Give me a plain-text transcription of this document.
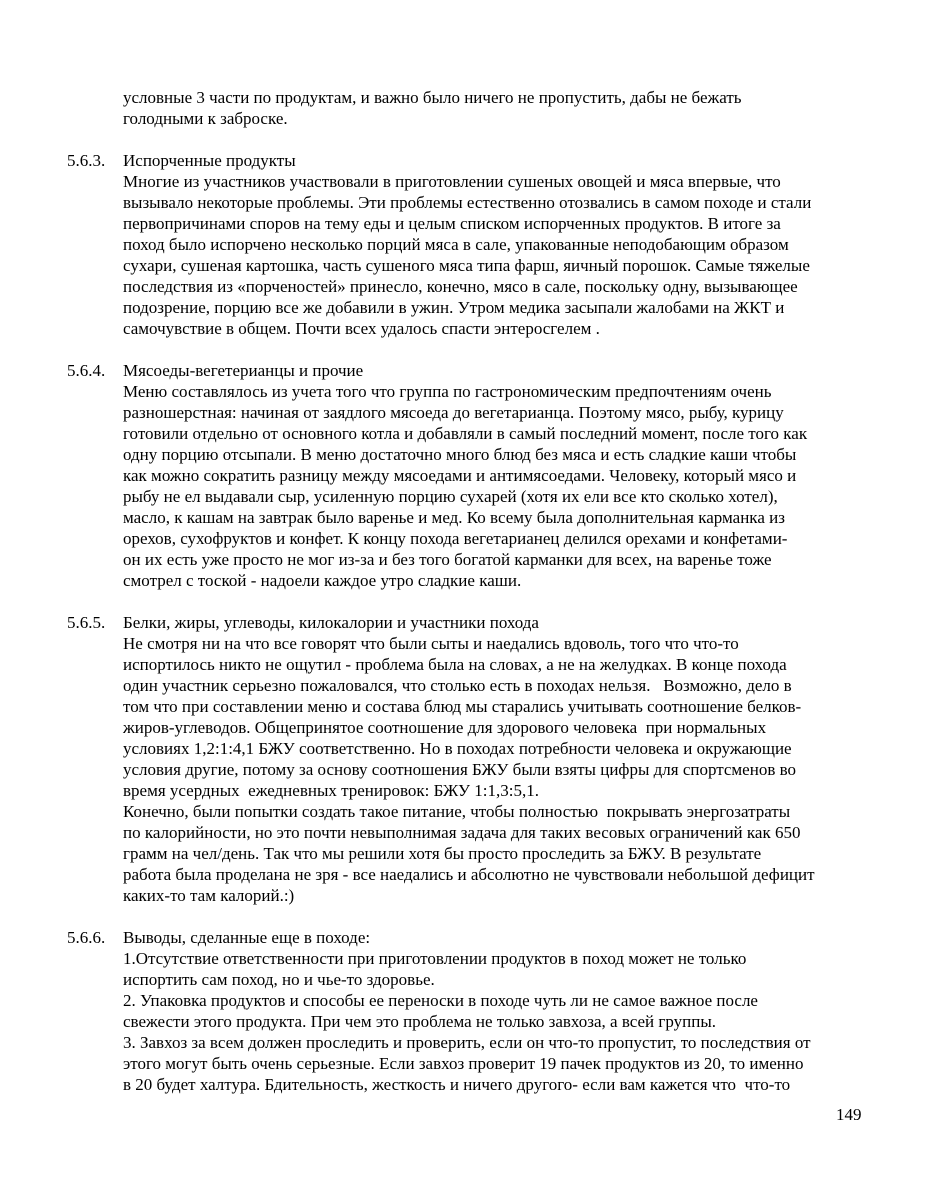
условные 3 части по продуктам, и важно было ничего не пропустить, дабы не бежать
голодными к заброске.
5.6.3. Испорченные продукты
Многие из участников участвовали в приготовлении сушеных овощей и мяса впервые, что
вызывало некоторые проблемы. Эти проблемы естественно отозвались в самом походе и стали
первопричинами споров на тему еды и целым списком испорченных продуктов. В итоге за
поход было испорчено несколько порций мяса в сале, упакованные неподобающим образом
сухари, сушеная картошка, часть сушеного мяса типа фарш, яичный порошок. Самые тяжелые
последствия из «порченостей» принесло, конечно, мясо в сале, поскольку одну, вызывающее
подозрение, порцию все же добавили в ужин. Утром медика засыпали жалобами на ЖКТ и
самочувствие в общем. Почти всех удалось спасти энтеросгелем .
5.6.4. Мясоеды-вегетерианцы и прочие
Меню составлялось из учета того что группа по гастрономическим предпочтениям очень
разношерстная: начиная от заядлого мясоеда до вегетарианца. Поэтому мясо, рыбу, курицу
готовили отдельно от основного котла и добавляли в самый последний момент, после того как
одну порцию отсыпали. В меню достаточно много блюд без мяса и есть сладкие каши чтобы
как можно сократить разницу между мясоедами и антимясоедами. Человеку, который мясо и
рыбу не ел выдавали сыр, усиленную порцию сухарей (хотя их ели все кто сколько хотел),
масло, к кашам на завтрак было варенье и мед. Ко всему была дополнительная карманка из
орехов, сухофруктов и конфет. К концу похода вегетарианец делился орехами и конфетами-
он их есть уже просто не мог из-за и без того богатой карманки для всех, на варенье тоже
смотрел с тоской - надоели каждое утро сладкие каши.
5.6.5. Белки, жиры, углеводы, килокалории и участники похода
Не смотря ни на что все говорят что были сыты и наедались вдоволь, того что что-то
испортилось никто не ощутил - проблема была на словах, а не на желудках. В конце похода
один участник серьезно пожаловался, что столько есть в походах нельзя.   Возможно, дело в
том что при составлении меню и состава блюд мы старались учитывать соотношение белков-
жиров-углеводов. Общепринятое соотношение для здорового человека  при нормальных
условиях 1,2:1:4,1 БЖУ соответственно. Но в походах потребности человека и окружающие
условия другие, потому за основу соотношения БЖУ были взяты цифры для спортсменов во
время усердных  ежедневных тренировок: БЖУ 1:1,3:5,1.
Конечно, были попытки создать такое питание, чтобы полностью  покрывать энергозатраты
по калорийности, но это почти невыполнимая задача для таких весовых ограничений как 650
грамм на чел/день. Так что мы решили хотя бы просто проследить за БЖУ. В результате
работа была проделана не зря - все наедались и абсолютно не чувствовали небольшой дефицит
каких-то там калорий.:)
5.6.6. Выводы, сделанные еще в походе:
1.Отсутствие ответственности при приготовлении продуктов в поход может не только
испортить сам поход, но и чье-то здоровье.
2. Упаковка продуктов и способы ее переноски в походе чуть ли не самое важное после
свежести этого продукта. При чем это проблема не только завхоза, а всей группы.
3. Завхоз за всем должен проследить и проверить, если он что-то пропустит, то последствия от
этого могут быть очень серьезные. Если завхоз проверит 19 пачек продуктов из 20, то именно
в 20 будет халтура. Бдительность, жесткость и ничего другого- если вам кажется что  что-то
149
